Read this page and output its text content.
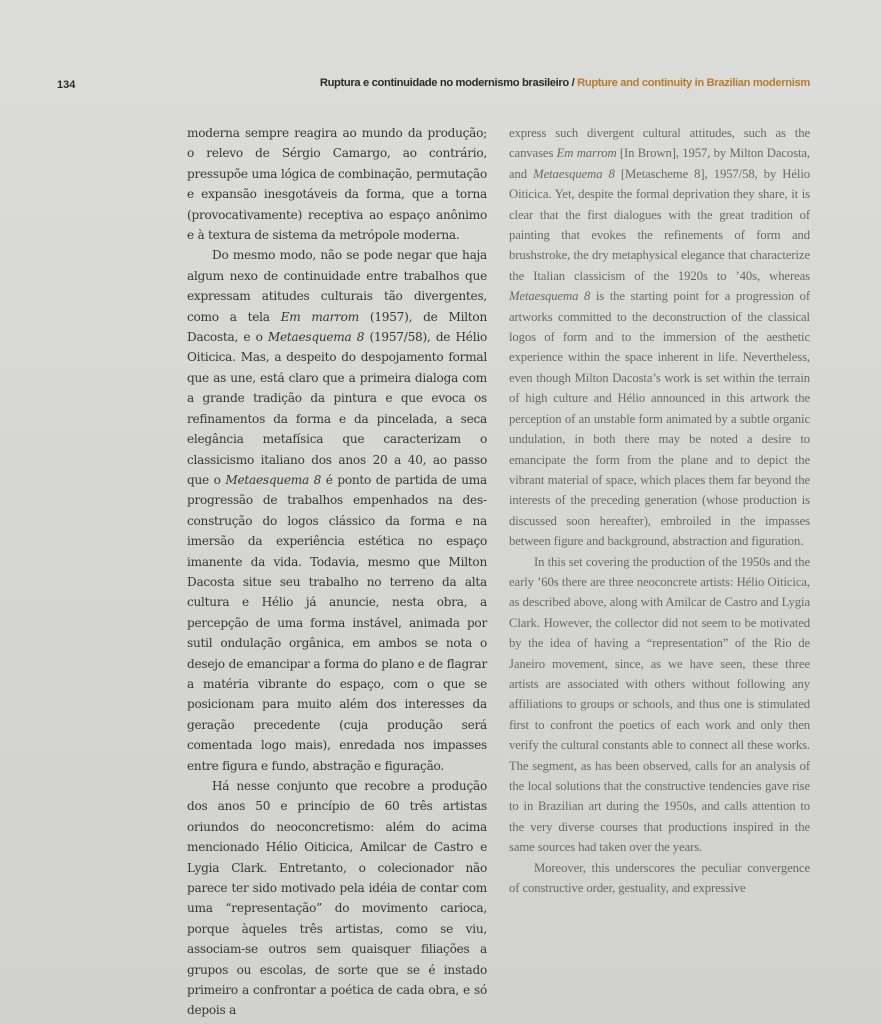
134	Ruptura e continuidade no modernismo brasileiro / Rupture and continuity in Brazilian modernism

moderna sempre reagira ao mundo da produção; o relevo de Sérgio Camargo, ao contrário, pressupõe uma lógica de combinação, permutação e expansão inesgotáveis da forma, que a torna (provocativamente) receptiva ao espaço anônimo e à textura de sistema da metrópole moderna.

Do mesmo modo, não se pode negar que haja algum nexo de continuidade entre trabalhos que expressam atitudes culturais tão divergentes, como a tela Em marrom (1957), de Milton Dacosta, e o Metaesquema 8 (1957/58), de Hélio Oiticica. Mas, a despeito do despojamento formal que as une, está claro que a primeira dialoga com a grande tradição da pintura e que evoca os refinamentos da forma e da pincelada, a seca elegância metafísica que caracterizam o classicismo italiano dos anos 20 a 40, ao passo que o Metaesquema 8 é ponto de partida de uma progressão de trabalhos empenhados na desconstrução do logos clássico da forma e na imersão da experiência estética no espaço imanente da vida. Todavia, mesmo que Milton Dacosta situe seu trabalho no terreno da alta cultura e Hélio já anuncie, nesta obra, a percepção de uma forma instável, animada por sutil ondulação orgânica, em ambos se nota o desejo de emancipar a forma do plano e de flagrar a matéria vibrante do espaço, com o que se posicionam para muito além dos interesses da geração precedente (cuja produção será comentada logo mais), enredada nos impasses entre figura e fundo, abstração e figuração.

Há nesse conjunto que recobre a produção dos anos 50 e princípio de 60 três artistas oriundos do neoconcretismo: além do acima mencionado Hélio Oiticica, Amilcar de Castro e Lygia Clark. Entretanto, o colecionador não parece ter sido motivado pela idéia de contar com uma “representação” do movimento carioca, porque àqueles três artistas, como se viu, associam-se outros sem quaisquer filiações a grupos ou escolas, de sorte que se é instado primeiro a confrontar a poética de cada obra, e só depois a

express such divergent cultural attitudes, such as the canvases Em marrom [In Brown], 1957, by Milton Dacosta, and Metaesquema 8 [Metascheme 8], 1957/58, by Hélio Oiticica. Yet, despite the formal deprivation they share, it is clear that the first dialogues with the great tradition of painting that evokes the refinements of form and brushstroke, the dry metaphysical elegance that characterize the Italian classicism of the 1920s to ’40s, whereas Metaesquema 8 is the starting point for a progression of artworks committed to the deconstruction of the classical logos of form and to the immersion of the aesthetic experience within the space inherent in life. Nevertheless, even though Milton Dacosta’s work is set within the terrain of high culture and Hélio announced in this artwork the perception of an unstable form animated by a subtle organic undulation, in both there may be noted a desire to emancipate the form from the plane and to depict the vibrant material of space, which places them far beyond the interests of the preceding generation (whose production is discussed soon hereafter), embroiled in the impasses between figure and background, abstraction and figuration.

In this set covering the production of the 1950s and the early ’60s there are three neoconcrete artists: Hélio Oiticica, as described above, along with Amilcar de Castro and Lygia Clark. However, the collector did not seem to be motivated by the idea of having a “representation” of the Rio de Janeiro movement, since, as we have seen, these three artists are associated with others without following any affiliations to groups or schools, and thus one is stimulated first to confront the poetics of each work and only then verify the cultural constants able to connect all these works. The segment, as has been observed, calls for an analysis of the local solutions that the constructive tendencies gave rise to in Brazilian art during the 1950s, and calls attention to the very diverse courses that productions inspired in the same sources had taken over the years.

Moreover, this underscores the peculiar convergence of constructive order, gestuality, and expressive
